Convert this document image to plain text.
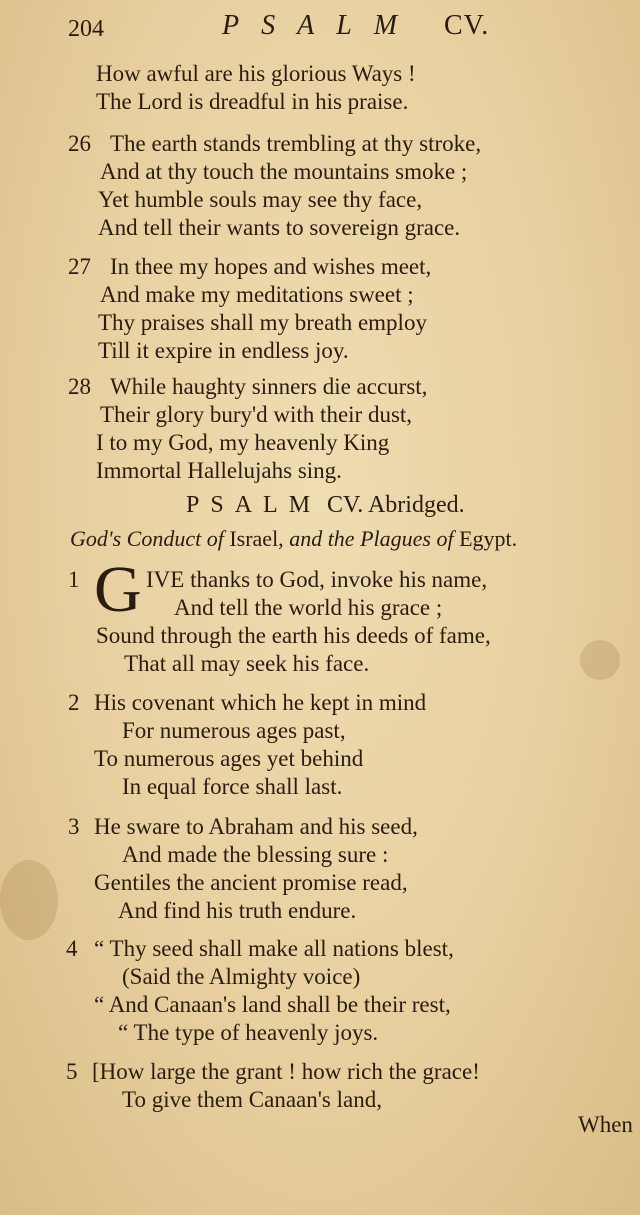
204	PSALM CV.
How awful are his glorious Ways !
The Lord is dreadful in his praise.
26 The earth stands trembling at thy stroke,
And at thy touch the mountains smoke ;
Yet humble souls may see thy face,
And tell their wants to sovereign grace.
27 In thee my hopes and wishes meet,
And make my meditations sweet ;
Thy praises shall my breath employ
Till it expire in endless joy.
28 While haughty sinners die accurst,
Their glory bury'd with their dust,
I to my God, my heavenly King
Immortal Hallelujahs sing.
PSALM CV. Abridged.
God's Conduct of Israel, and the Plagues of Egypt.
1 G IVE thanks to God, invoke his name,
And tell the world his grace ;
Sound through the earth his deeds of fame,
That all may seek his face.
2 His covenant which he kept in mind
For numerous ages past,
To numerous ages yet behind
In equal force shall last.
3 He sware to Abraham and his seed,
And made the blessing sure :
Gentiles the ancient promise read,
And find his truth endure.
4 “ Thy seed shall make all nations blest,
(Said the Almighty voice)
“ And Canaan's land shall be their rest,
“ The type of heavenly joys.
5 [How large the grant ! how rich the grace!
To give them Canaan's land,
When
